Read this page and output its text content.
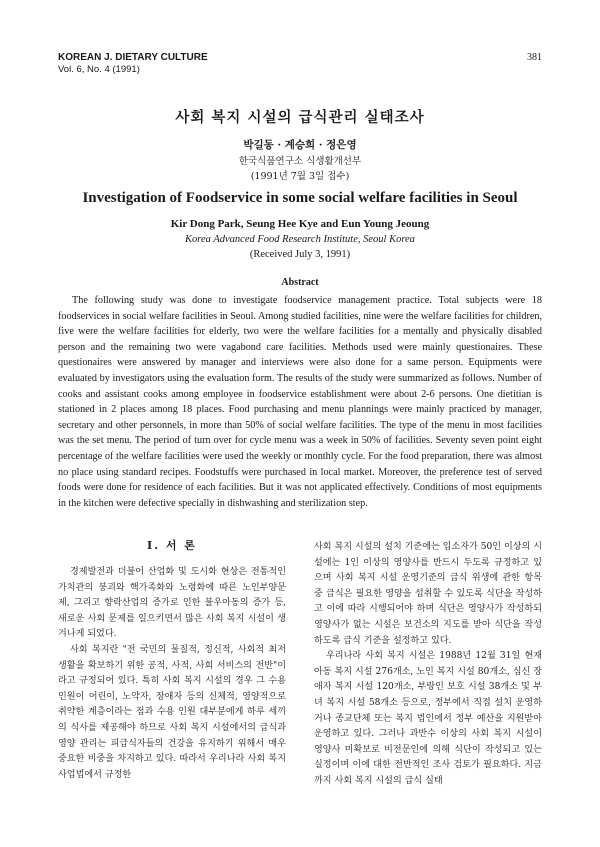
KOREAN J. DIETARY CULTURE
Vol. 6, No. 4 (1991)
381
사회 복지 시설의 급식관리 실태조사
박길동 · 계승희 · 정은영
한국식품연구소 식생활개선부
(1991년 7월 3일 접수)
Investigation of Foodservice in some social welfare facilities in Seoul
Kir Dong Park, Seung Hee Kye and Eun Young Jeoung
Korea Advanced Food Research Institute, Seoul Korea
(Received July 3, 1991)
Abstract

The following study was done to investigate foodservice management practice. Total subjects were 18 foodservices in social welfare facilities in Seoul. Among studied facilities, nine were the welfare facilities for children, five were the welfare facilities for elderly, two were the welfare facilities for a mentally and physically disabled person and the remaining two were vagabond care facilities. Methods used were mainly questionaires. These questionaires were answered by manager and interviews were also done for a same person. Equipments were evaluated by investigators using the evaluation form. The results of the study were summarized as follows. Number of cooks and assistant cooks among employee in foodservice establishment were about 2-6 persons. One dietitian is stationed in 2 places among 18 places. Food purchasing and menu plannings were mainly practiced by manager, secretary and other personnels, in more than 50% of social welfare facilities. The type of the menu in most facilities was the set menu. The period of turn over for cycle menu was a week in 50% of facilities. Seventy seven point eight percentage of the welfare facilities were used the weekly or monthly cycle. For the food preparation, there was almost no place using standard recipes. Foodstuffs were purchased in local market. Moreover, the preference test of served foods were done for residence of each facilities. But it was not applicated effectively. Conditions of most equipments in the kitchen were defective specially in dishwashing and sterilization step.

I. 서 론

경제발전과 더불어 산업화 및 도시화 현상은 전통적인 가치관의 붕괴와 핵가족화와 노령화에 따른 노인부양문제, 그리고 향락산업의 증가로 인한 불우아동의 증가 등, 새로운 사회 문제를 일으키면서 많은 사회 복지 시설이 생겨나게 되었다.

사회 복지란 "전 국민의 물질적, 정신적, 사회적 최저 생활을 확보하기 위한 공적, 사적, 사회 서비스의 전반"이라고 규정되어 있다. 특히 사회 복지 시설의 경우 그 수용 인원이 어린이, 노약자, 장애자 등의 신체적, 영양적으로 취약한 계층이라는 점과 수용 인원 대부분에게 하루 세끼의 식사를 제공해야 하므로 사회 복지 시설에서의 급식과 영양 관리는 피급식자들의 건강을 유지하기 위해서 매우 중요한 비중을 차지하고 있다. 따라서 우리나라 사회 복지 사업법에서 규정한

사회 복지 시설의 설치 기준에는 입소자가 50인 이상의 시설에는 1인 이상의 영양사를 반드시 두도록 규정하고 있으며 사회 복지 시설 운영기준의 급식 위생에 관한 항목 중 급식은 필요한 영양을 섭취할 수 있도록 식단을 작성하고 이에 따라 시행되어야 하며 식단은 영양사가 작성하되 영양사가 없는 시설은 보건소의 지도를 받아 식단을 작성하도록 급식 기준을 설정하고 있다.

우리나라 사회 복지 시설은 1988년 12월 31일 현재 아동 복지 시설 276개소, 노인 복지 시설 80개소, 심신 장애자 복지 시설 120개소, 부랑인 보호 시설 38개소 및 부녀 복지 시설 58개소 등으로, 정부에서 직접 설치 운영하거나 종교단체 또는 복지 법인에서 정부 예산을 지원받아 운영하고 있다. 그러나 과반수 이상의 사회 복지 시설이 영양사 미확보로 비전문인에 의해 식단이 작성되고 있는 실정이며 이에 대한 전반적인 조사 검토가 필요하다. 지금까지 사회 복지 시설의 급식 실태
